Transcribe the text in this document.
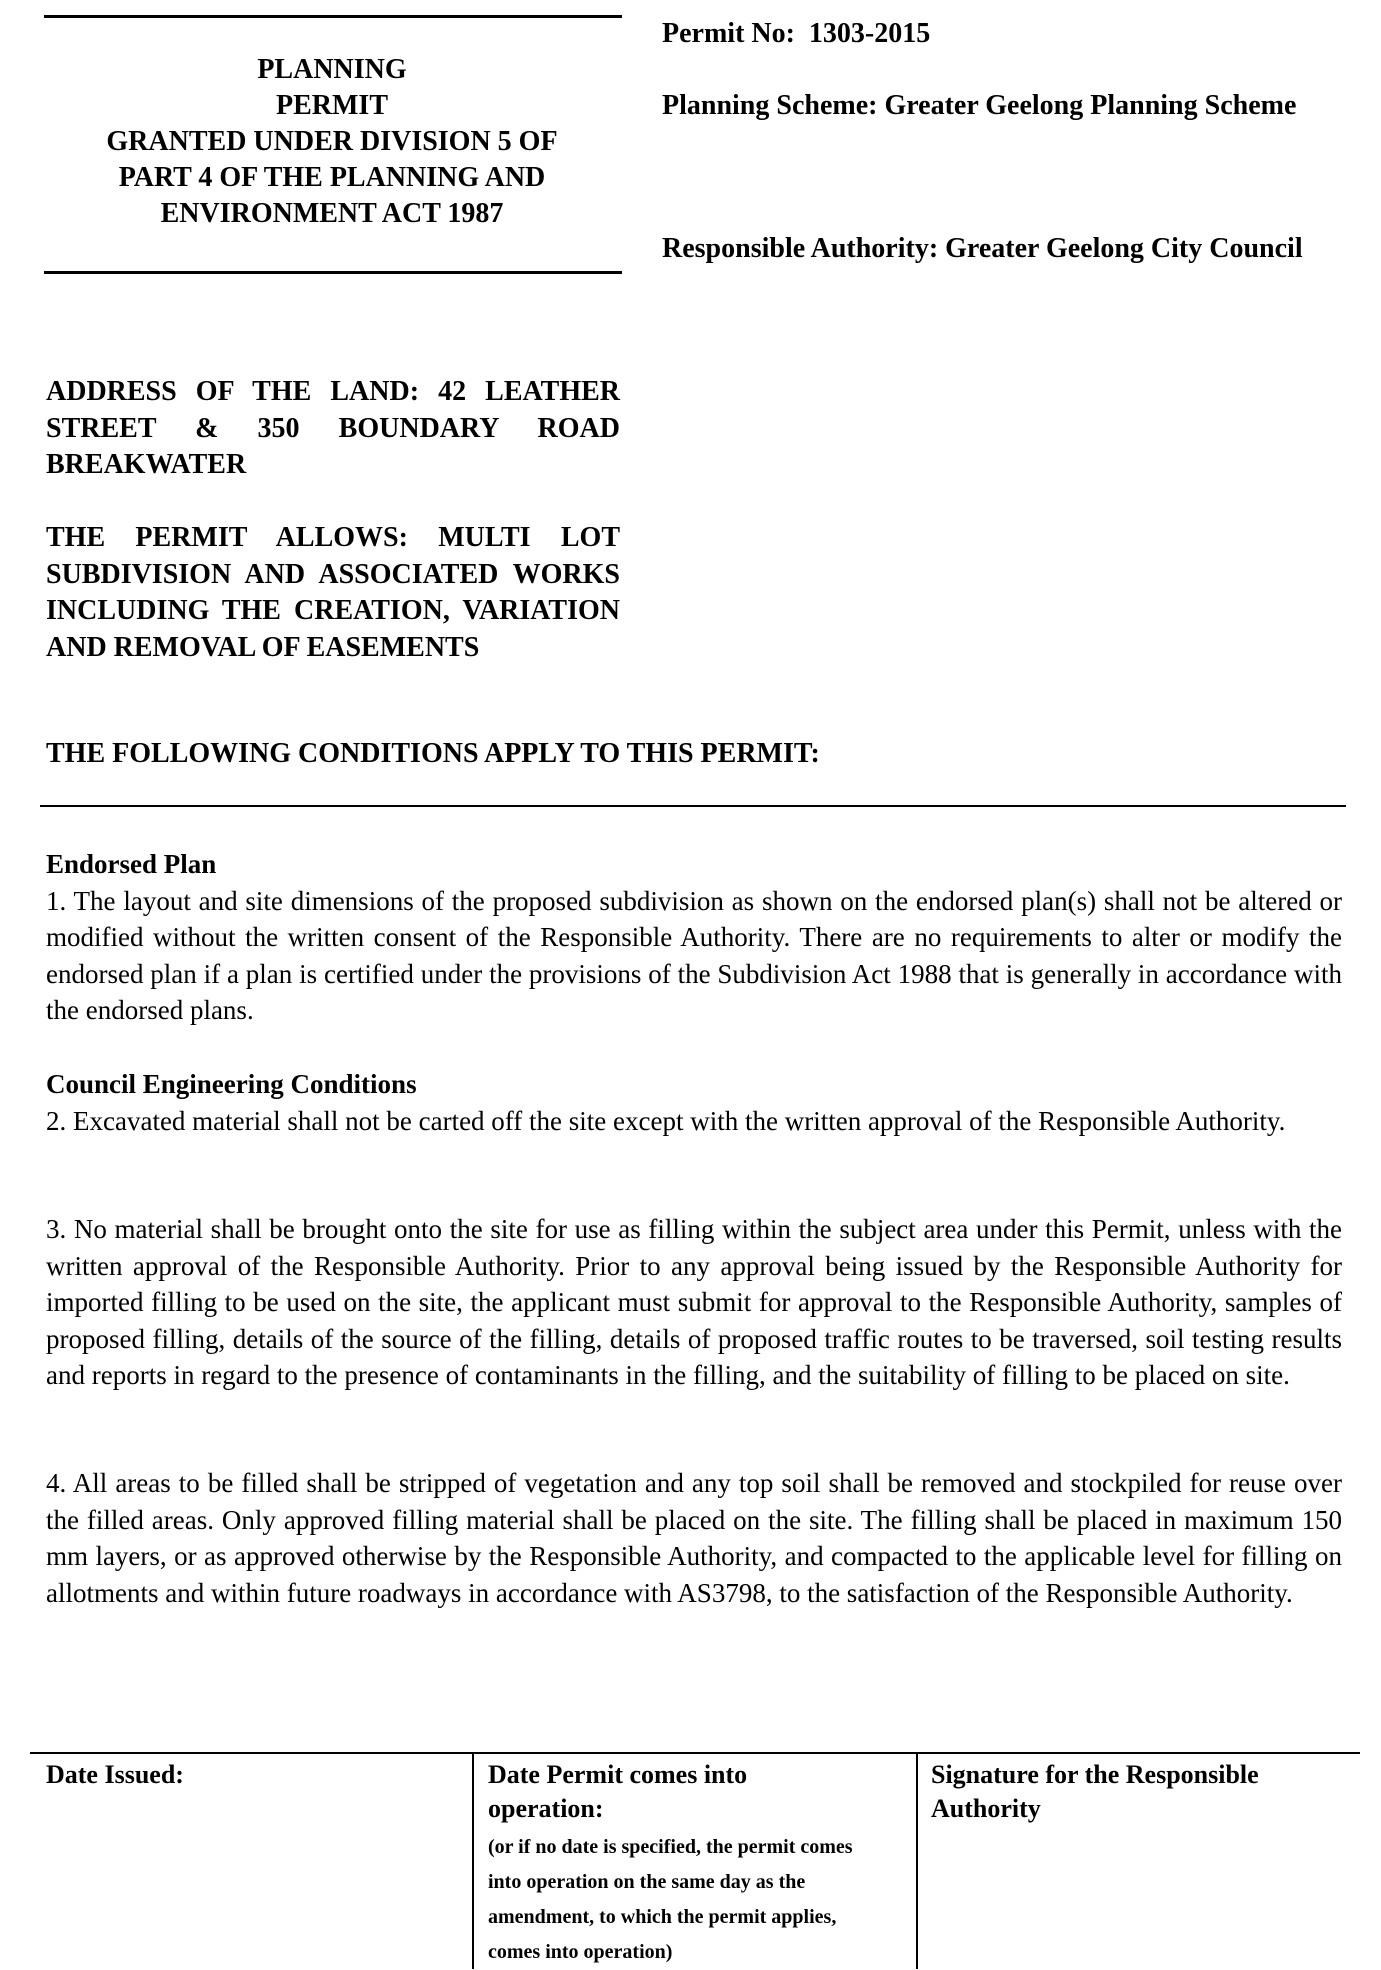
PLANNING
PERMIT
GRANTED UNDER DIVISION 5 OF
PART 4 OF THE PLANNING AND
ENVIRONMENT ACT 1987
Permit No:  1303-2015
Planning Scheme: Greater Geelong Planning Scheme
Responsible Authority: Greater Geelong City Council
ADDRESS OF THE LAND: 42 LEATHER STREET & 350 BOUNDARY ROAD BREAKWATER
THE PERMIT ALLOWS: MULTI LOT SUBDIVISION AND ASSOCIATED WORKS INCLUDING THE CREATION, VARIATION AND REMOVAL OF EASEMENTS
THE FOLLOWING CONDITIONS APPLY TO THIS PERMIT:
Endorsed Plan

1. The layout and site dimensions of the proposed subdivision as shown on the endorsed plan(s) shall not be altered or modified without the written consent of the Responsible Authority. There are no requirements to alter or modify the endorsed plan if a plan is certified under the provisions of the Subdivision Act 1988 that is generally in accordance with the endorsed plans.

Council Engineering Conditions

2. Excavated material shall not be carted off the site except with the written approval of the Responsible Authority.

3. No material shall be brought onto the site for use as filling within the subject area under this Permit, unless with the written approval of the Responsible Authority. Prior to any approval being issued by the Responsible Authority for imported filling to be used on the site, the applicant must submit for approval to the Responsible Authority, samples of proposed filling, details of the source of the filling, details of proposed traffic routes to be traversed, soil testing results and reports in regard to the presence of contaminants in the filling, and the suitability of filling to be placed on site.

4. All areas to be filled shall be stripped of vegetation and any top soil shall be removed and stockpiled for reuse over the filled areas. Only approved filling material shall be placed on the site. The filling shall be placed in maximum 150 mm layers, or as approved otherwise by the Responsible Authority, and compacted to the applicable level for filling on allotments and within future roadways in accordance with AS3798, to the satisfaction of the Responsible Authority.

Date Issued:	Date Permit comes into operation:
(or if no date is specified, the permit comes into operation on the same day as the amendment, to which the permit applies, comes into operation)
Signature for the Responsible Authority
